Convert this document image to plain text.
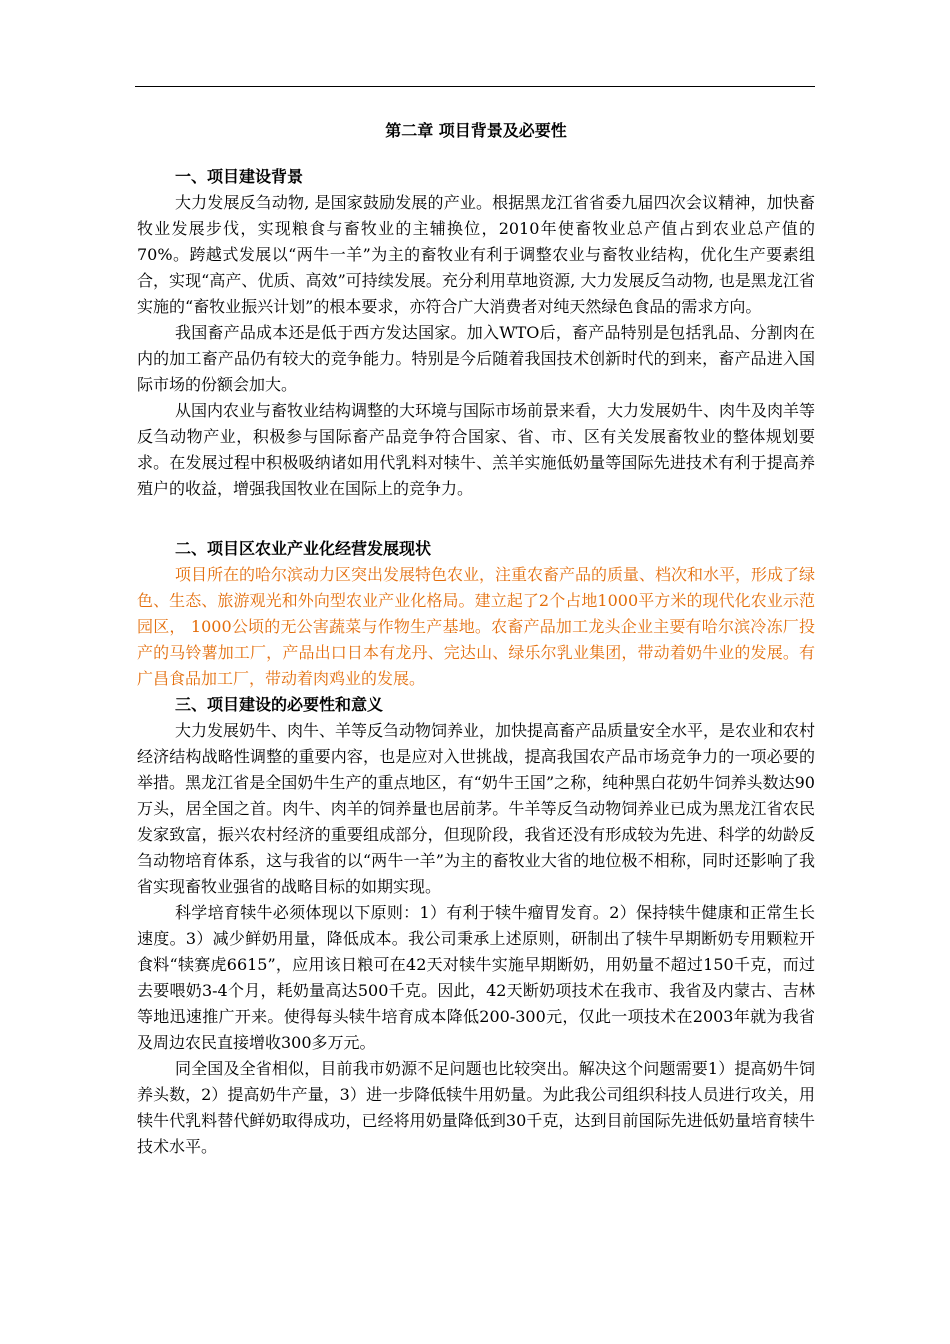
第二章 项目背景及必要性
一、项目建设背景

大力发展反刍动物, 是国家鼓励发展的产业。根据黑龙江省省委九届四次会议精神，加快畜牧业发展步伐，实现粮食与畜牧业的主辅换位，2010年使畜牧业总产值占到农业总产值的70%。跨越式发展以“两牛一羊”为主的畜牧业有利于调整农业与畜牧业结构，优化生产要素组合，实现“高产、优质、高效”可持续发展。充分利用草地资源, 大力发展反刍动物, 也是黑龙江省实施的“畜牧业振兴计划”的根本要求，亦符合广大消费者对纯天然绿色食品的需求方向。

我国畜产品成本还是低于西方发达国家。加入WTO后，畜产品特别是包括乳品、分割肉在内的加工畜产品仍有较大的竞争能力。特别是今后随着我国技术创新时代的到来，畜产品进入国际市场的份额会加大。

从国内农业与畜牧业结构调整的大环境与国际市场前景来看，大力发展奶牛、肉牛及肉羊等反刍动物产业，积极参与国际畜产品竞争符合国家、省、市、区有关发展畜牧业的整体规划要求。在发展过程中积极吸纳诸如用代乳料对犊牛、羔羊实施低奶量等国际先进技术有利于提高养殖户的收益，增强我国牧业在国际上的竞争力。

二、项目区农业产业化经营发展现状

项目所在的哈尔滨动力区突出发展特色农业，注重农畜产品的质量、档次和水平，形成了绿色、生态、旅游观光和外向型农业产业化格局。建立起了2个占地1000平方米的现代化农业示范园区， 1000公顷的无公害蔬菜与作物生产基地。农畜产品加工龙头企业主要有哈尔滨冷冻厂投产的马铃薯加工厂，产品出口日本有龙丹、完达山、绿乐尔乳业集团，带动着奶牛业的发展。有广昌食品加工厂，带动着肉鸡业的发展。

三、项目建设的必要性和意义

大力发展奶牛、肉牛、羊等反刍动物饲养业，加快提高畜产品质量安全水平，是农业和农村经济结构战略性调整的重要内容，也是应对入世挑战，提高我国农产品市场竞争力的一项必要的举措。黑龙江省是全国奶牛生产的重点地区，有“奶牛王国”之称，纯种黑白花奶牛饲养头数达90万头，居全国之首。肉牛、肉羊的饲养量也居前茅。牛羊等反刍动物饲养业已成为黑龙江省农民发家致富，振兴农村经济的重要组成部分，但现阶段，我省还没有形成较为先进、科学的幼龄反刍动物培育体系，这与我省的以“两牛一羊”为主的畜牧业大省的地位极不相称，同时还影响了我省实现畜牧业强省的战略目标的如期实现。

科学培育犊牛必须体现以下原则：1）有利于犊牛瘤胃发育。2）保持犊牛健康和正常生长速度。3）减少鲜奶用量，降低成本。我公司秉承上述原则，研制出了犊牛早期断奶专用颗粒开食料“犊赛虎6615”，应用该日粮可在42天对犊牛实施早期断奶，用奶量不超过150千克，而过去要喂奶3-4个月，耗奶量高达500千克。因此，42天断奶项技术在我市、我省及内蒙古、吉林等地迅速推广开来。使得每头犊牛培育成本降低200-300元，仅此一项技术在2003年就为我省及周边农民直接增收300多万元。

同全国及全省相似，目前我市奶源不足问题也比较突出。解决这个问题需要1）提高奶牛饲养头数，2）提高奶牛产量，3）进一步降低犊牛用奶量。为此我公司组织科技人员进行攻关，用犊牛代乳料替代鲜奶取得成功，已经将用奶量降低到30千克，达到目前国际先进低奶量培育犊牛技术水平。
